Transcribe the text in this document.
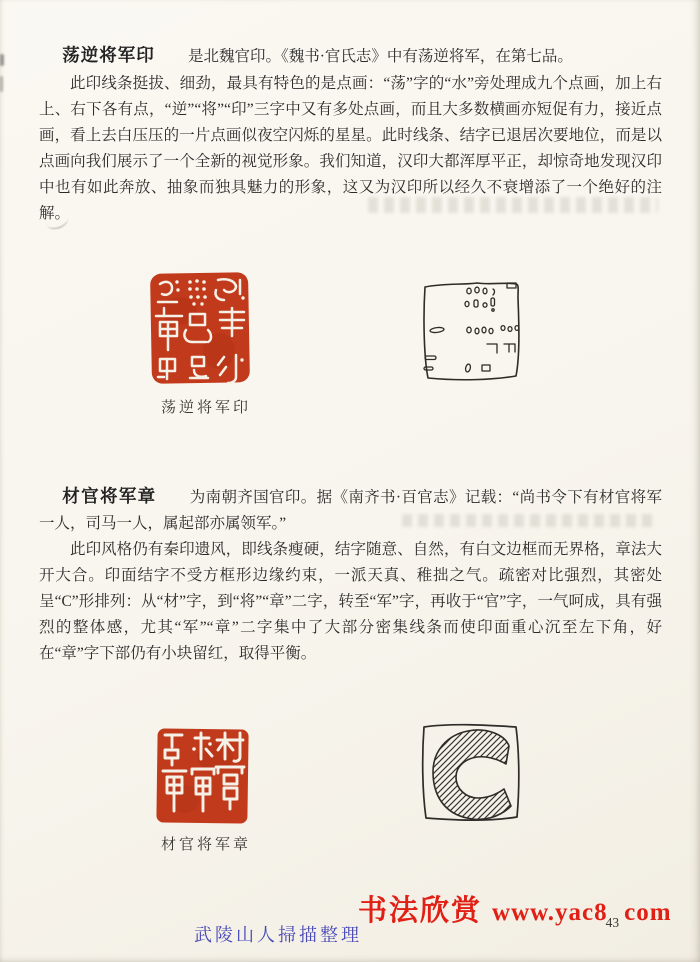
荡逆将军印 是北魏官印。《魏书·官氏志》中有荡逆将军，在第七品。

此印线条挺拔、细劲，最具有特色的是点画：“荡”字的“水”旁处理成九个点画，加上右上、右下各有点，“逆”“将”“印”三字中又有多处点画，而且大多数横画亦短促有力，接近点画，看上去白压压的一片点画似夜空闪烁的星星。此时线条、结字已退居次要地位，而是以点画向我们展示了一个全新的视觉形象。我们知道，汉印大都浑厚平正，却惊奇地发现汉印中也有如此奔放、抽象而独具魅力的形象，这又为汉印所以经久不衰增添了一个绝好的注解。

荡逆将军印

材官将军章 为南朝齐国官印。据《南齐书·百官志》记载：“尚书令下有材官将军一人，司马一人，属起部亦属领军。”

此印风格仍有秦印遗风，即线条瘦硬，结字随意、自然，有白文边框而无界格，章法大开大合。印面结字不受方框形边缘约束，一派天真、稚拙之气。疏密对比强烈，其密处呈“C”形排列：从“材”字，到“将”“章”二字，转至“军”字，再收于“官”字，一气呵成，具有强烈的整体感，尤其“军”“章”二字集中了大部分密集线条而使印面重心沉至左下角，好在“章”字下部仍有小块留红，取得平衡。

材官将军章
书法欣赏 $www.yac8_{43}$ com
武陵山人掃描整理
